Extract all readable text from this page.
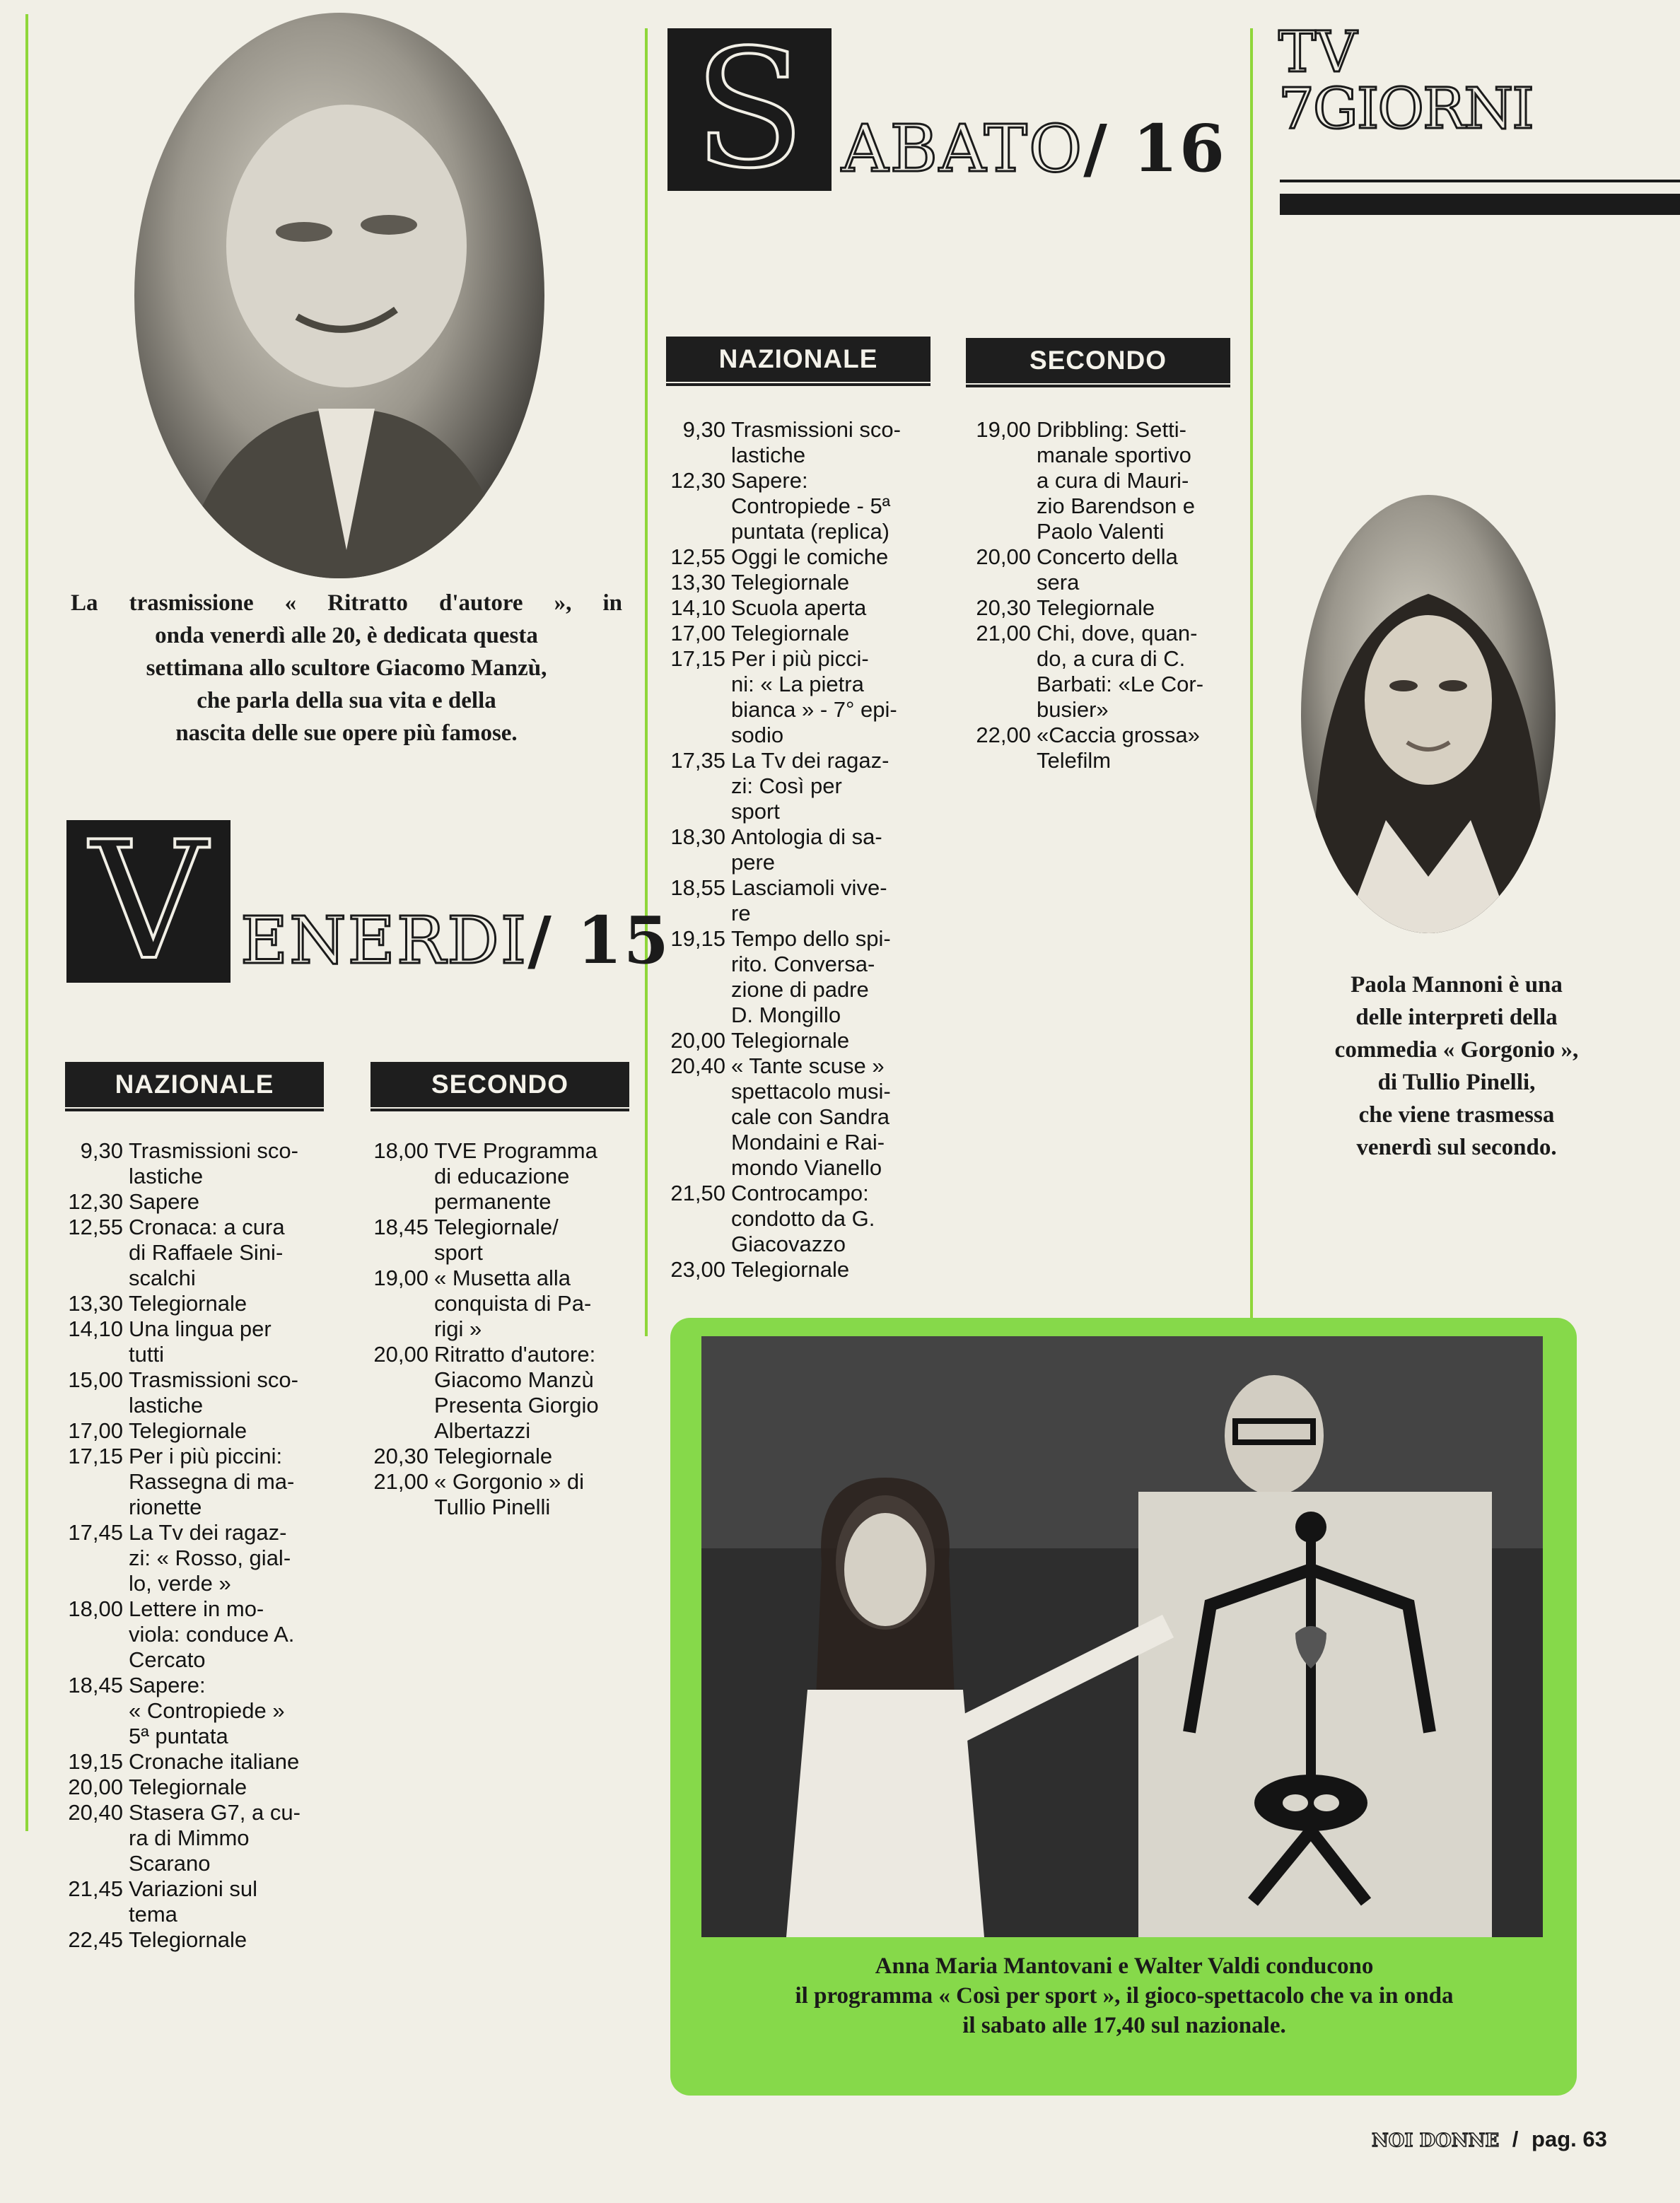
La trasmissione « Ritratto d'autore », in
onda venerdì alle 20, è dedicata questa
settimana allo scultore Giacomo Manzù,
che parla della sua vita e della
nascita delle sue opere più famose.
S ABATO/ 16
TV
7GIORNI
NAZIONALE	SECONDO
9,30 Trasmissioni sco-
lastiche
12,30 Sapere:
Contropiede - 5ª
puntata (replica)
12,55 Oggi le comiche
13,30 Telegiornale
14,10 Scuola aperta
17,00 Telegiornale
17,15 Per i più picci-
ni: « La pietra
bianca » - 7° epi-
sodio
17,35 La Tv dei ragaz-
zi: Così per
sport
18,30 Antologia di sa-
pere
18,55 Lasciamoli vive-
re
19,15 Tempo dello spi-
rito. Conversa-
zione di padre
D. Mongillo
20,00 Telegiornale
20,40 « Tante scuse »
spettacolo musi-
cale con Sandra
Mondaini e Rai-
mondo Vianello
21,50 Controcampo:
condotto da G.
Giacovazzo
23,00 Telegiornale
19,00 Dribbling: Setti-
manale sportivo
a cura di Mauri-
zio Barendson e
Paolo Valenti
20,00 Concerto della
sera
20,30 Telegiornale
21,00 Chi, dove, quan-
do, a cura di C.
Barbati: «Le Cor-
busier»
22,00 «Caccia grossa»
Telefilm
Paola Mannoni è una
delle interpreti della
commedia « Gorgonio »,
di Tullio Pinelli,
che viene trasmessa
venerdì sul secondo.
V ENERDI/ 15
NAZIONALE	SECONDO
9,30 Trasmissioni sco-
lastiche
12,30 Sapere
12,55 Cronaca: a cura
di Raffaele Sini-
scalchi
13,30 Telegiornale
14,10 Una lingua per
tutti
15,00 Trasmissioni sco-
lastiche
17,00 Telegiornale
17,15 Per i più piccini:
Rassegna di ma-
rionette
17,45 La Tv dei ragaz-
zi: « Rosso, gial-
lo, verde »
18,00 Lettere in mo-
viola: conduce A.
Cercato
18,45 Sapere:
« Contropiede »
5ª puntata
19,15 Cronache italiane
20,00 Telegiornale
20,40 Stasera G7, a cu-
ra di Mimmo
Scarano
21,45 Variazioni sul
tema
22,45 Telegiornale
18,00 TVE Programma
di educazione
permanente
18,45 Telegiornale/
sport
19,00 « Musetta alla
conquista di Pa-
rigi »
20,00 Ritratto d'autore:
Giacomo Manzù
Presenta Giorgio
Albertazzi
20,30 Telegiornale
21,00 « Gorgonio » di
Tullio Pinelli
Anna Maria Mantovani e Walter Valdi conducono
il programma « Così per sport », il gioco-spettacolo che va in onda
il sabato alle 17,40 sul nazionale.
NOI DONNE / pag. 63
